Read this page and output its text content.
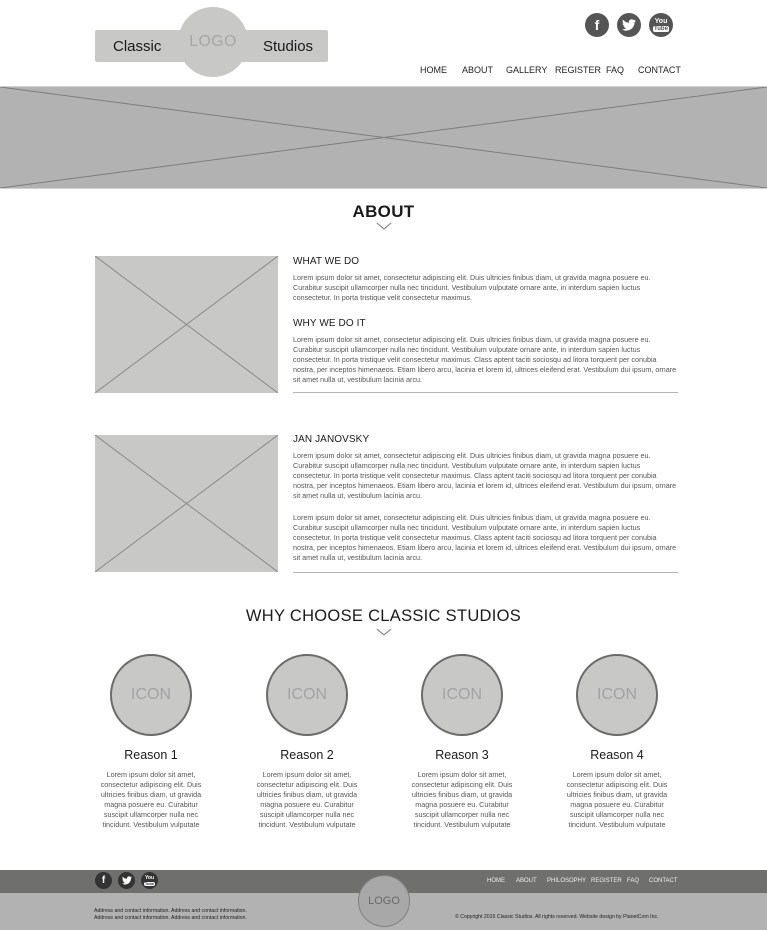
LOGO
Classic	Studios
f	You
Tube
HOME	ABOUT	GALLERY REGISTER FAQ	CONTACT
ABOUT
WHAT WE DO

Lorem ipsum dolor sit amet, consectetur adipiscing elit. Duis ultricies finibus diam, ut gravida magna posuere eu. Curabitur suscipit ullamcorper nulla nec tincidunt. Vestibulum vulputate ornare ante, in interdum sapien luctus consectetur. In porta tristique velit consectetur maximus.

WHY WE DO IT

Lorem ipsum dolor sit amet, consectetur adipiscing elit. Duis ultricies finibus diam, ut gravida magna posuere eu. Curabitur suscipit ullamcorper nulla nec tincidunt. Vestibulum vulputate ornare ante, in interdum sapien luctus consectetur. In porta tristique velit consectetur maximus. Class aptent taciti sociosqu ad litora torquent per conubia nostra, per inceptos himenaeos. Etiam libero arcu, lacinia et lorem id, ultrices eleifend erat. Vestibulum dui ipsum, ornare sit amet nulla ut, vestibulum lacinia arcu.

JAN JANOVSKY

Lorem ipsum dolor sit amet, consectetur adipiscing elit. Duis ultricies finibus diam, ut gravida magna posuere eu. Curabitur suscipit ullamcorper nulla nec tincidunt. Vestibulum vulputate ornare ante, in interdum sapien luctus consectetur. In porta tristique velit consectetur maximus. Class aptent taciti sociosqu ad litora torquent per conubia nostra, per inceptos himenaeos. Etiam libero arcu, lacinia et lorem id, ultrices eleifend erat. Vestibulum dui ipsum, ornare sit amet nulla ut, vestibulum lacinia arcu.

Lorem ipsum dolor sit amet, consectetur adipiscing elit. Duis ultricies finibus diam, ut gravida magna posuere eu. Curabitur suscipit ullamcorper nulla nec tincidunt. Vestibulum vulputate ornare ante, in interdum sapien luctus consectetur. In porta tristique velit consectetur maximus. Class aptent taciti sociosqu ad litora torquent per conubia nostra, per inceptos himenaeos. Etiam libero arcu, lacinia et lorem id, ultrices eleifend erat. Vestibulum dui ipsum, ornare sit amet nulla ut, vestibulum lacinia arcu.

WHY CHOOSE CLASSIC STUDIOS
ICON
Reason 1

Lorem ipsum dolor sit amet, consectetur adipiscing elit. Duis ultricies finibus diam, ut gravida magna posuere eu. Curabitur suscipit ullamcorper nulla nec tincidunt. Vestibulum vulputate

ICON
Reason 2

Lorem ipsum dolor sit amet, consectetur adipiscing elit. Duis ultricies finibus diam, ut gravida magna posuere eu. Curabitur suscipit ullamcorper nulla nec tincidunt. Vestibulum vulputate

ICON
Reason 3

Lorem ipsum dolor sit amet, consectetur adipiscing elit. Duis ultricies finibus diam, ut gravida magna posuere eu. Curabitur suscipit ullamcorper nulla nec tincidunt. Vestibulum vulputate

ICON
Reason 4

Lorem ipsum dolor sit amet, consectetur adipiscing elit. Duis ultricies finibus diam, ut gravida magna posuere eu. Curabitur suscipit ullamcorper nulla nec tincidunt. Vestibulum vulputate

f	You
Tube
LOGO
HOME	ABOUT	PHILOSOPHY REGISTER FAQ	CONTACT
Address and contact information. Address and contact information.
Address and contact information. Address and contact information.	© Copyright 2015 Classic Studios. All rights reserved. Website design by PlanetCom Inc.
